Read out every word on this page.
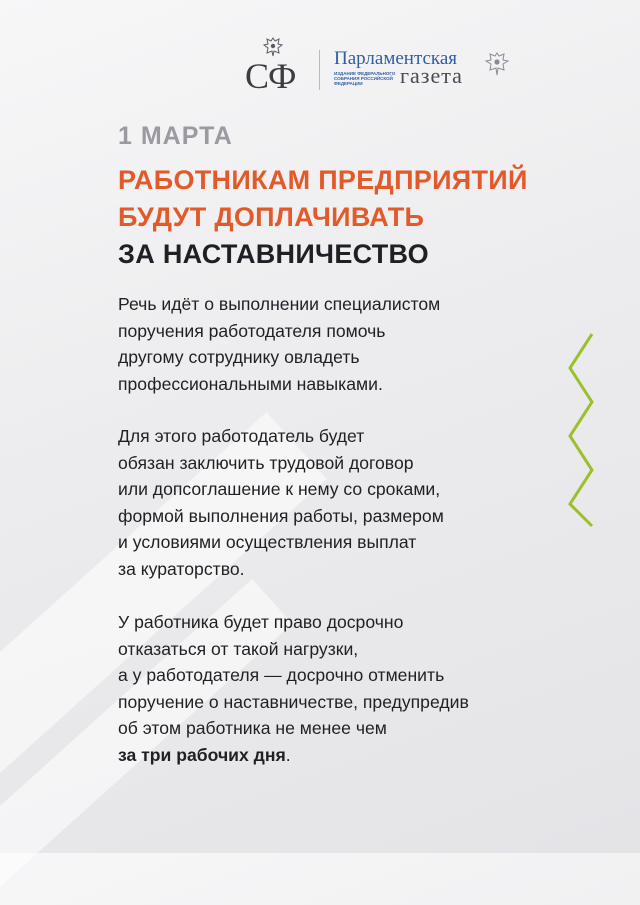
СФ Парламентская
ИЗДАНИЕ ФЕДЕРАЛЬНОГО СОБРАНИЯ РОССИЙСКОЙ ФЕДЕРАЦИИ	газета
1 МАРТА
РАБОТНИКАМ ПРЕДПРИЯТИЙ
БУДУТ ДОПЛАЧИВАТЬ
ЗА НАСТАВНИЧЕСТВО
Речь идёт о выполнении специалистом
поручения работодателя помочь
другому сотруднику овладеть
профессиональными навыками.
Для этого работодатель будет
обязан заключить трудовой договор
или допсоглашение к нему со сроками,
формой выполнения работы, размером
и условиями осуществления выплат
за кураторство.
У работника будет право досрочно
отказаться от такой нагрузки,
а у работодателя — досрочно отменить
поручение о наставничестве, предупредив
об этом работника не менее чем
за три рабочих дня.
